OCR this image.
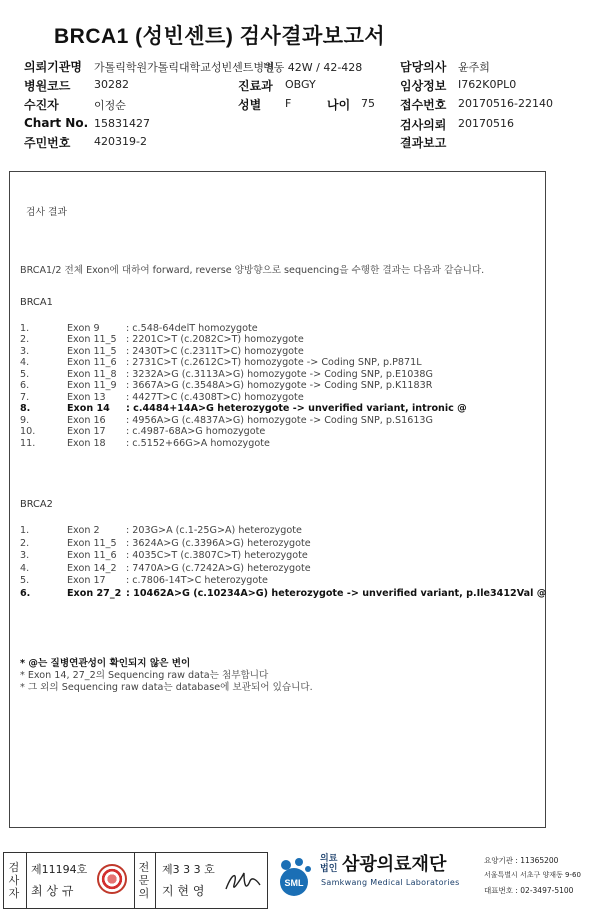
BRCA1 (성빈센트) 검사결과보고서
의뢰기관명 가톨릭학원가톨릭대학교성빈센트병원
병동 42W / 42-428	담당의사 윤주희
병원코드 30282	진료과 OBGY	임상정보 I762K0PL0
수진자	이정순	성별 F	나이 75 접수번호 20170516-22140
Chart No. 15831427	검사의뢰 20170516
주민번호 420319-2	결과보고
검사 결과
BRCA1/2 전체 Exon에 대하여 forward, reverse 양방향으로 sequencing을 수행한 결과는 다음과 같습니다.
BRCA1
1.	Exon 9	: c.548-64delT homozygote
2.	Exon 11_5 : 2201C>T (c.2082C>T) homozygote
3.	Exon 11_5 : 2430T>C (c.2311T>C) homozygote
4.	Exon 11_6 : 2731C>T (c.2612C>T) homozygote -> Coding SNP, p.P871L
5.	Exon 11_8 : 3232A>G (c.3113A>G) homozygote -> Coding SNP, p.E1038G
6.	Exon 11_9 : 3667A>G (c.3548A>G) homozygote -> Coding SNP, p.K1183R
7.	Exon 13 : 4427T>C (c.4308T>C) homozygote
8.	Exon 14 : c.4484+14A>G heterozygote -> unverified variant, intronic @
9.	Exon 16 : 4956A>G (c.4837A>G) homozygote -> Coding SNP, p.S1613G
10.	Exon 17 : c.4987-68A>G homozygote
11.	Exon 18 : c.5152+66G>A homozygote
BRCA2
1.	Exon 2	: 203G>A (c.1-25G>A) heterozygote
2.	Exon 11_5 : 3624A>G (c.3396A>G) heterozygote
3.	Exon 11_6 : 4035C>T (c.3807C>T) heterozygote
4.	Exon 14_2 : 7470A>G (c.7242A>G) heterozygote
5.	Exon 17 : c.7806-14T>C heterozygote
6.	Exon 27_2 : 10462A>G (c.10234A>G) heterozygote -> unverified variant, p.Ile3412Val @
* @는 질병연관성이 확인되지 않은 변이
* Exon 14, 27_2의 Sequencing raw data는 첨부합니다
* 그 외의 Sequencing raw data는 database에 보관되어 있습니다.
검
사
자
제11194호
최 상 규
전
문
의
제3 3 3 호
지 현 영
SML
의료
법인 삼광의료재단
Samkwang Medical Laboratories
요양기관 : 11365200
서울특별시 서초구 양재동 9-60
대표번호 : 02-3497-5100
